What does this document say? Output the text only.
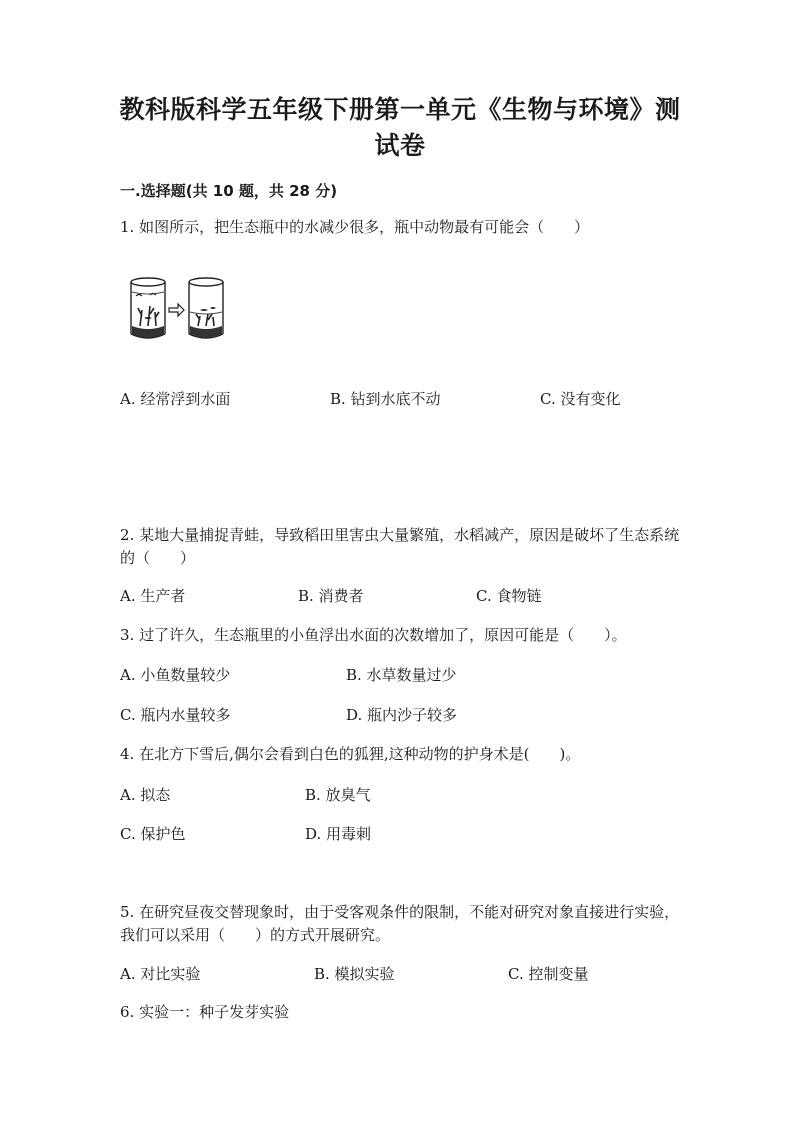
教科版科学五年级下册第一单元《生物与环境》测
试卷
一.选择题(共 10 题，共 28 分)
1. 如图所示，把生态瓶中的水减少很多，瓶中动物最有可能会（　　）
A. 经常浮到水面	B. 钻到水底不动	C. 没有变化
2. 某地大量捕捉青蛙，导致稻田里害虫大量繁殖，水稻减产，原因是破坏了生态系统的（　　）
A. 生产者	B. 消费者	C. 食物链
3. 过了许久，生态瓶里的小鱼浮出水面的次数增加了，原因可能是（　　）。
A. 小鱼数量较少	B. 水草数量过少
C. 瓶内水量较多	D. 瓶内沙子较多
4. 在北方下雪后,偶尔会看到白色的狐狸,这种动物的护身术是(　　)。
A. 拟态	B. 放臭气
C. 保护色	D. 用毒刺
5. 在研究昼夜交替现象时，由于受客观条件的限制，不能对研究对象直接进行实验，我们可以采用（　　）的方式开展研究。
A. 对比实验	B. 模拟实验	C. 控制变量
6. 实验一：种子发芽实验
